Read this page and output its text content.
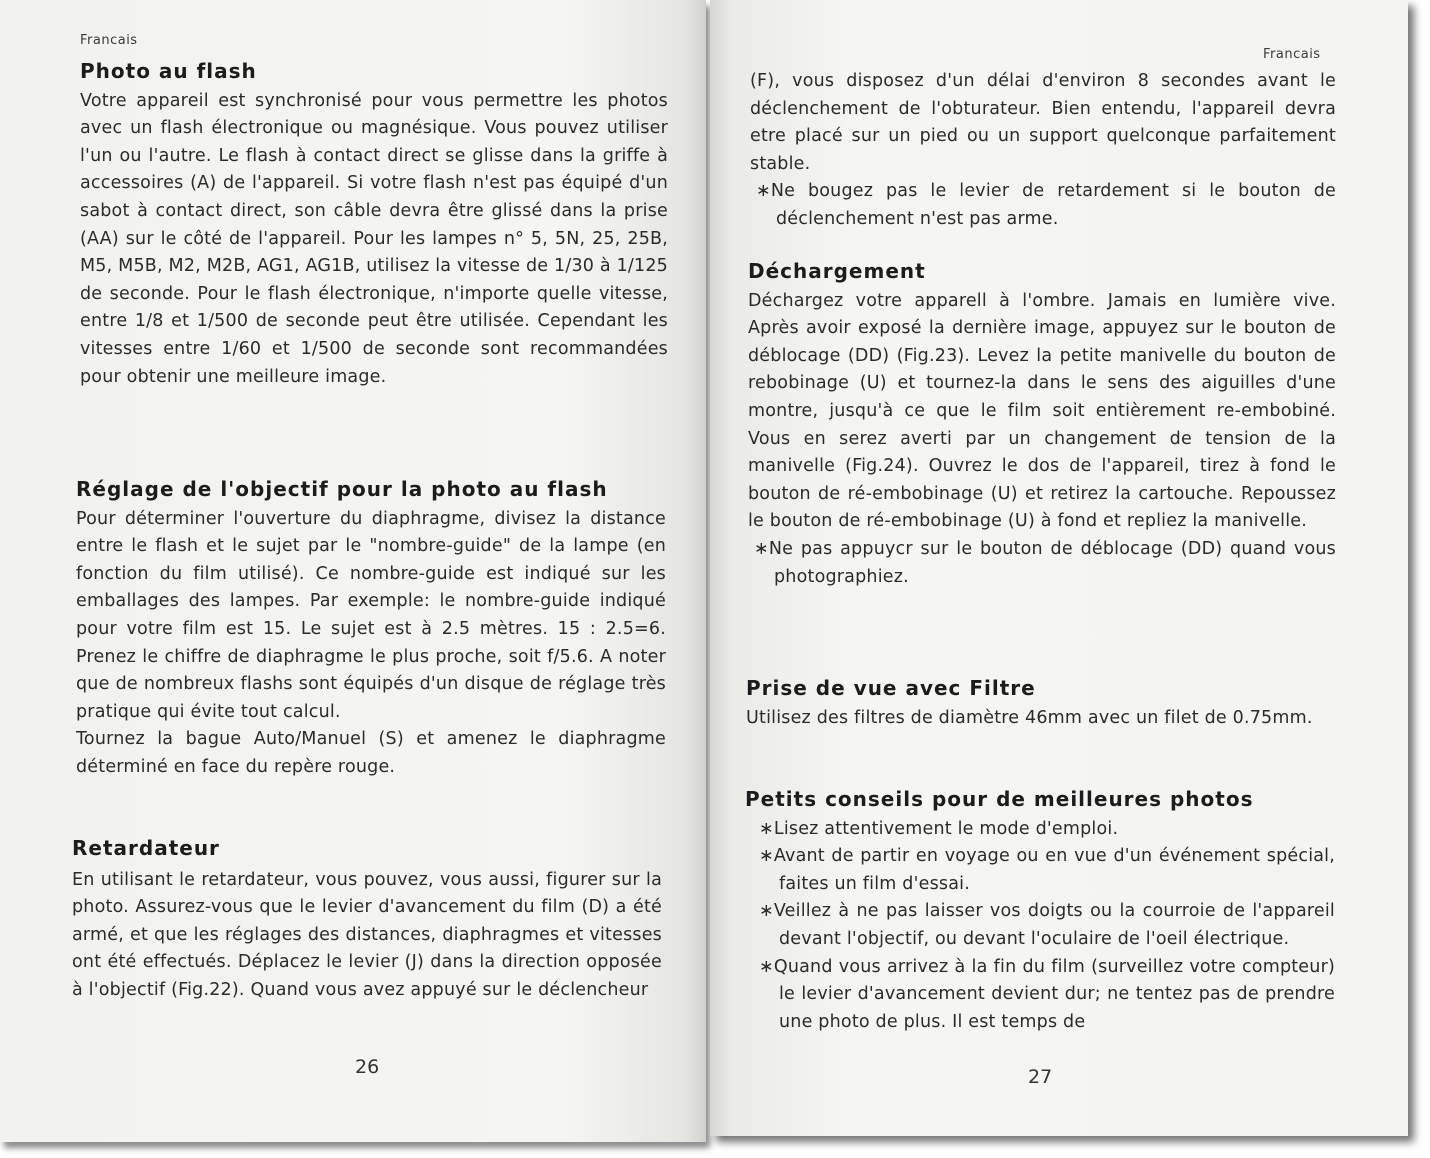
Francais
Photo au flash

Votre appareil est synchronisé pour vous permettre les photos avec un flash électronique ou magnésique. Vous pouvez utiliser l'un ou l'autre. Le flash à contact direct se glisse dans la griffe à accessoires (A) de l'appareil. Si votre flash n'est pas équipé d'un sabot à contact direct, son câble devra être glissé dans la prise (AA) sur le côté de l'appareil. Pour les lampes n° 5, 5N, 25, 25B, M5, M5B, M2, M2B, AG1, AG1B, utilisez la vitesse de 1/30 à 1/125 de seconde. Pour le flash électronique, n'importe quelle vitesse, entre 1/8 et 1/500 de seconde peut être utilisée. Cependant les vitesses entre 1/60 et 1/500 de seconde sont recommandées pour obtenir une meilleure image.

Réglage de l'objectif pour la photo au flash

Pour déterminer l'ouverture du diaphragme, divisez la distance entre le flash et le sujet par le "nombre-guide" de la lampe (en fonction du film utilisé). Ce nombre-guide est indiqué sur les emballages des lampes. Par exemple: le nombre-guide indiqué pour votre film est 15. Le sujet est à 2.5 mètres. 15 : 2.5=6. Prenez le chiffre de diaphragme le plus proche, soit f/5.6. A noter que de nombreux flashs sont équipés d'un disque de réglage très pratique qui évite tout calcul.

Tournez la bague Auto/Manuel (S) et amenez le diaphragme déterminé en face du repère rouge.

Retardateur

En utilisant le retardateur, vous pouvez, vous aussi, figurer sur la photo. Assurez-vous que le levier d'avancement du film (D) a été armé, et que les réglages des distances, diaphragmes et vitesses ont été effectués. Déplacez le levier (J) dans la direction opposée à l'objectif (Fig.22). Quand vous avez appuyé sur le déclencheur

26
Francais

(F), vous disposez d'un délai d'environ 8 secondes avant le déclenchement de l'obturateur. Bien entendu, l'appareil devra etre placé sur un pied ou un support quelconque parfaitement stable.

∗Ne bougez pas le levier de retardement si le bouton de déclenchement n'est pas arme.

Déchargement

Déchargez votre apparell à l'ombre. Jamais en lumière vive. Après avoir exposé la dernière image, appuyez sur le bouton de déblocage (DD) (Fig.23). Levez la petite manivelle du bouton de rebobinage (U) et tournez-la dans le sens des aiguilles d'une montre, jusqu'à ce que le film soit entièrement re-embobiné. Vous en serez averti par un changement de tension de la manivelle (Fig.24). Ouvrez le dos de l'appareil, tirez à fond le bouton de ré-embobinage (U) et retirez la cartouche. Repoussez le bouton de ré-embobinage (U) à fond et repliez la manivelle.

∗Ne pas appuycr sur le bouton de déblocage (DD) quand vous photographiez.

Prise de vue avec Filtre

Utilisez des filtres de diamètre 46mm avec un filet de 0.75mm.

Petits conseils pour de meilleures photos

∗Lisez attentivement le mode d'emploi.

∗Avant de partir en voyage ou en vue d'un événement spécial, faites un film d'essai.

∗Veillez à ne pas laisser vos doigts ou la courroie de l'appareil devant l'objectif, ou devant l'oculaire de l'oeil électrique.

∗Quand vous arrivez à la fin du film (surveillez votre compteur) le levier d'avancement devient dur; ne tentez pas de prendre une photo de plus. Il est temps de

27
